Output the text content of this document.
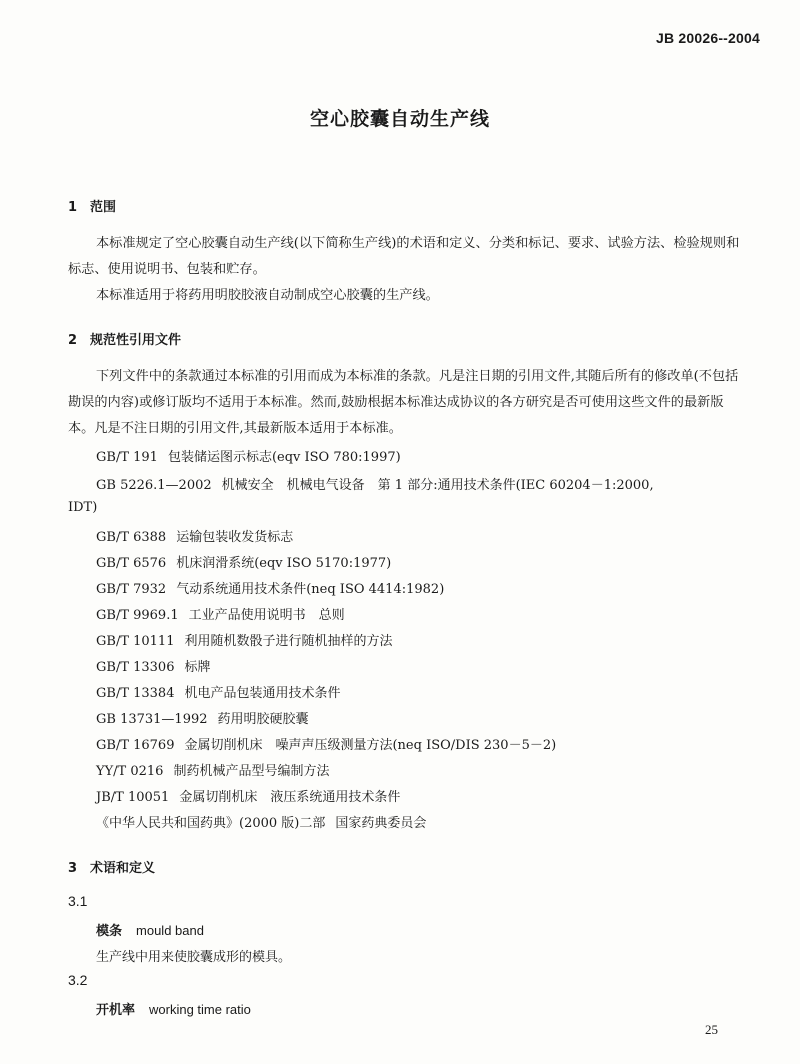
JB 20026--2004
空心胶囊自动生产线
1 范围
本标准规定了空心胶囊自动生产线(以下简称生产线)的术语和定义、分类和标记、要求、试验方法、检验规则和标志、使用说明书、包装和贮存。
本标准适用于将药用明胶胶液自动制成空心胶囊的生产线。
2 规范性引用文件
下列文件中的条款通过本标准的引用而成为本标准的条款。凡是注日期的引用文件,其随后所有的修改单(不包括勘误的内容)或修订版均不适用于本标准。然而,鼓励根据本标准达成协议的各方研究是否可使用这些文件的最新版本。凡是不注日期的引用文件,其最新版本适用于本标准。
GB/T 191 包装储运图示标志(eqv ISO 780:1997)
GB 5226.1—2002 机械安全　机械电气设备　第 1 部分:通用技术条件(IEC 60204－1:2000,
IDT)
GB/T 6388 运输包装收发货标志
GB/T 6576 机床润滑系统(eqv ISO 5170:1977)
GB/T 7932 气动系统通用技术条件(neq ISO 4414:1982)
GB/T 9969.1 工业产品使用说明书　总则
GB/T 10111 利用随机数骰子进行随机抽样的方法
GB/T 13306 标牌
GB/T 13384 机电产品包装通用技术条件
GB 13731—1992 药用明胶硬胶囊
GB/T 16769 金属切削机床　噪声声压级测量方法(neq ISO/DIS 230－5－2)
YY/T 0216 制药机械产品型号编制方法
JB/T 10051 金属切削机床　液压系统通用技术条件
《中华人民共和国药典》(2000 版)二部 国家药典委员会
3 术语和定义
3.1
模条 mould band
生产线中用来使胶囊成形的模具。
3.2
开机率 working time ratio
25
